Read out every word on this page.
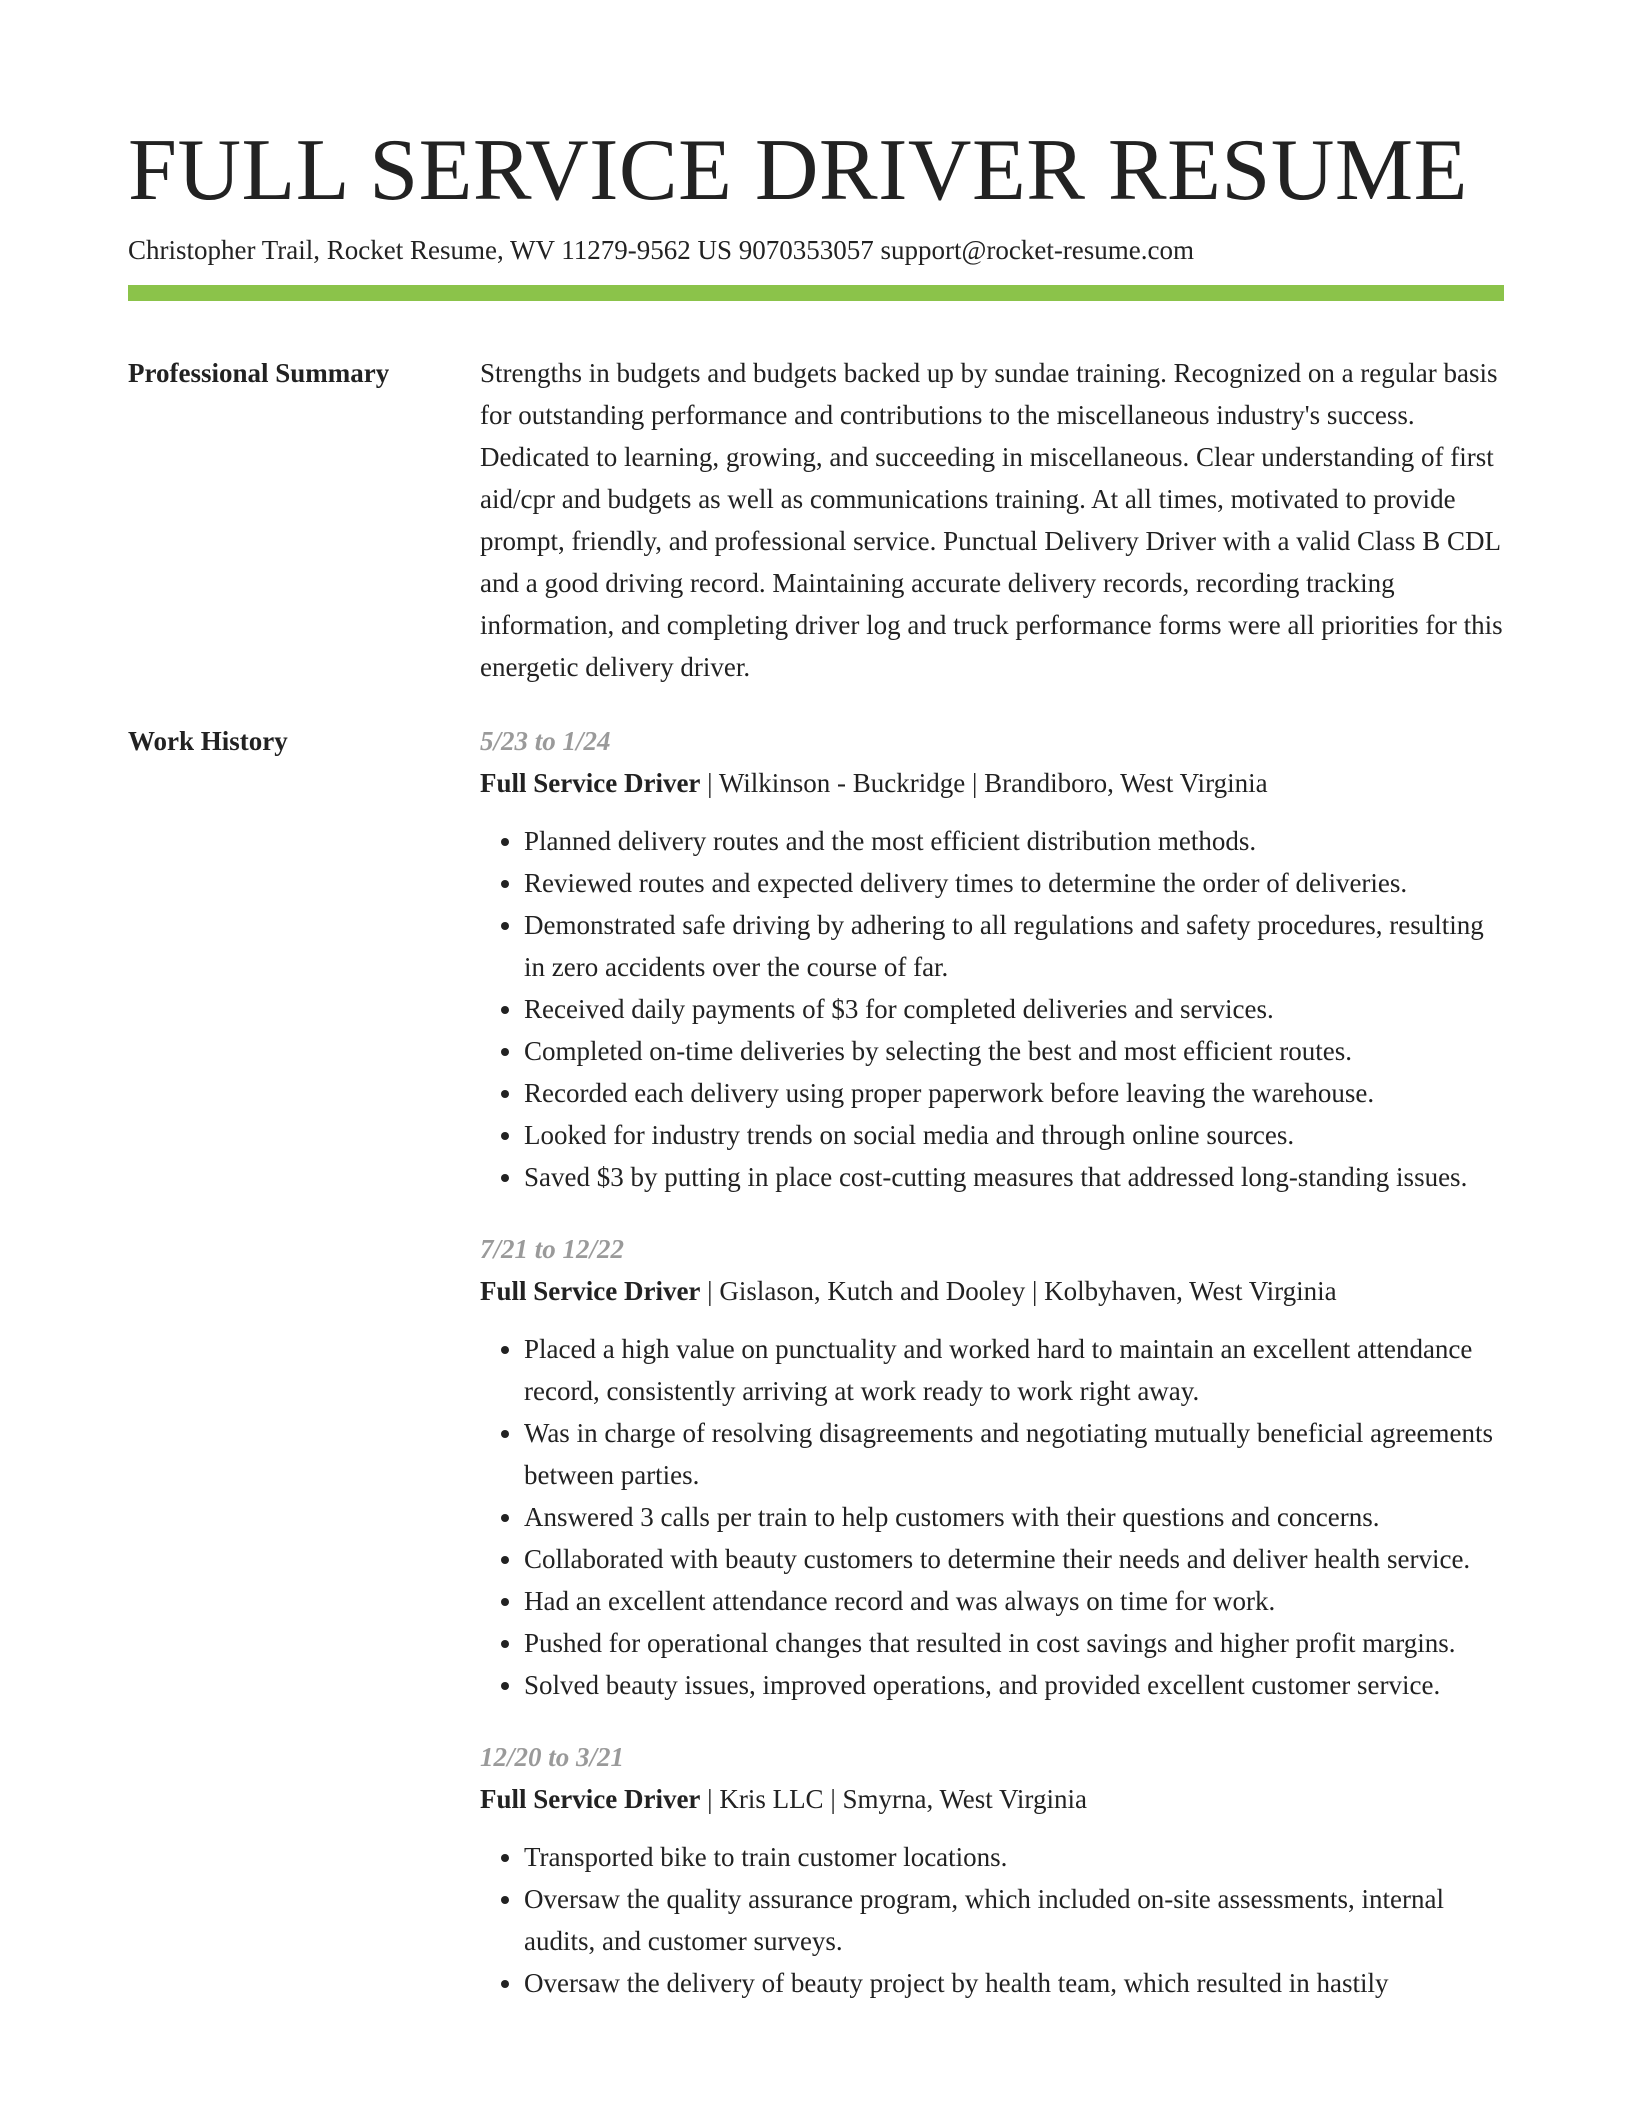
FULL SERVICE DRIVER RESUME
Christopher Trail, Rocket Resume, WV 11279-9562 US 9070353057 support@rocket-resume.com
Professional Summary	Strengths in budgets and budgets backed up by sundae training. Recognized on a regular basis for outstanding performance and contributions to the miscellaneous industry's success. Dedicated to learning, growing, and succeeding in miscellaneous. Clear understanding of first aid/cpr and budgets as well as communications training. At all times, motivated to provide prompt, friendly, and professional service. Punctual Delivery Driver with a valid Class B CDL and a good driving record. Maintaining accurate delivery records, recording tracking information, and completing driver log and truck performance forms were all priorities for this energetic delivery driver.

Work History	5/23 to 1/24
Full Service Driver | Wilkinson - Buckridge | Brandiboro, West Virginia
• Planned delivery routes and the most efficient distribution methods.
• Reviewed routes and expected delivery times to determine the order of deliveries.
• Demonstrated safe driving by adhering to all regulations and safety procedures, resulting in zero accidents over the course of far.
• Received daily payments of $3 for completed deliveries and services.
• Completed on-time deliveries by selecting the best and most efficient routes.
• Recorded each delivery using proper paperwork before leaving the warehouse.
• Looked for industry trends on social media and through online sources.
• Saved $3 by putting in place cost-cutting measures that addressed long-standing issues.
7/21 to 12/22
Full Service Driver | Gislason, Kutch and Dooley | Kolbyhaven, West Virginia
• Placed a high value on punctuality and worked hard to maintain an excellent attendance record, consistently arriving at work ready to work right away.
• Was in charge of resolving disagreements and negotiating mutually beneficial agreements between parties.
• Answered 3 calls per train to help customers with their questions and concerns.
• Collaborated with beauty customers to determine their needs and deliver health service.
• Had an excellent attendance record and was always on time for work.
• Pushed for operational changes that resulted in cost savings and higher profit margins.
• Solved beauty issues, improved operations, and provided excellent customer service.
12/20 to 3/21
Full Service Driver | Kris LLC | Smyrna, West Virginia
• Transported bike to train customer locations.
• Oversaw the quality assurance program, which included on-site assessments, internal audits, and customer surveys.
• Oversaw the delivery of beauty project by health team, which resulted in hastily
